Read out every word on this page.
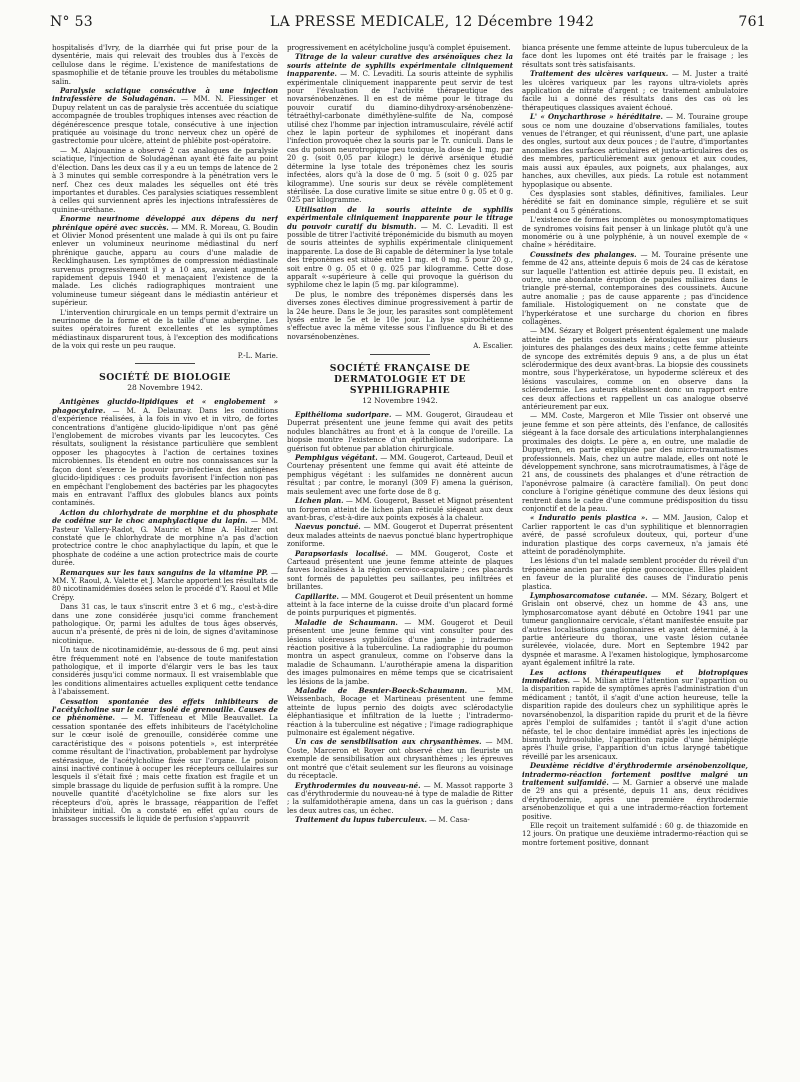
N° 53	LA PRESSE MEDICALE, 12 Décembre 1942	761

hospitalisés d'Ivry, de la diarrhée qui fut prise pour de la dysentérie, mais qui relevait des troubles dus à l'excès de cellulose dans le régime. L'existence de manifestations de spasmophilie et de tétanie prouve les troubles du métabolisme salin.

Paralysie sciatique consécutive à une injection intrafessière de Soludagénan. — MM. N. Fiessinger et Dupuy relatent un cas de paralysie très accentuée du sciatique accompagnée de troubles trophiques intenses avec réaction de dégénérescence presque totale, consécutive à une injection pratiquée au voisinage du tronc nerveux chez un opéré de gastrectomie pour ulcère, atteint de phlébite post-opératoire.

— M. Alajouanine a observé 2 cas analogues de paralysie sciatique, l'injection de Soludagénan ayant été faite au point d'élection. Dans les deux cas il y a eu un temps de latence de 2 à 3 minutes qui semble correspondre à la pénétration vers le nerf. Chez ces deux malades les séquelles ont été très importantes et durables. Ces paralysies sciatiques ressemblent à celles qui surviennent après les injections intrafessières de quinine-uréthane.

Enorme neurinome développé aux dépens du nerf phrénique opéré avec succès. — MM. R. Moreau, G. Boudin et Olivier Monod présentent une malade à qui ils ont pu faire enlever un volumineux neurinome médiastinal du nerf phrénique gauche, apparu au cours d'une maladie de Recklinghausen. Les symptômes de compression médiastinale survenus progressivement il y a 10 ans, avaient augmenté rapidement depuis 1940 et menaçaient l'existence de la malade. Les clichés radiographiques montraient une volumineuse tumeur siégeant dans le médiastin antérieur et supérieur.

L'intervention chirurgicale en un temps permit d'extraire un neurinome de la forme et de la taille d'une aubergine. Les suites opératoires furent excellentes et les symptômes médiastinaux disparurent tous, à l'exception des modifications de la voix qui reste un peu rauque.

P.-L. Marie.
SOCIÉTÉ DE BIOLOGIE
28 Novembre 1942.

Antigènes glucido-lipidiques et « englobement » phagocytaire. — M. A. Delaunay. Dans les conditions d'expérience réalisées, à la fois in vivo et in vitro, de fortes concentrations d'antigène glucido-lipidique n'ont pas gêné l'englobement de microbes vivants par les leucocytes. Ces résultats, soulignent la résistance particulière que semblent opposer les phagocytes à l'action de certaines toxines microbiennes. Ils étendent en outre nos connaissances sur la façon dont s'exerce le pouvoir pro-infectieux des antigènes glucido-lipidiques : ces produits favorisent l'infection non pas en empêchant l'englobement des bactéries par les phagocytes mais en entravant l'afflux des globules blancs aux points contaminés.

Action du chlorhydrate de morphine et du phosphate de codéine sur le choc anaphylactique du lapin. — MM. Pasteur Vallery-Radot, G. Mauric et Mme A. Holtzer ont constaté que le chlorhydrate de morphine n'a pas d'action protectrice contre le choc anaphylactique du lapin, et que le phosphate de codéine a une action protectrice mais de courte durée.

Remarques sur les taux sanguins de la vitamine PP. — MM. Y. Raoul, A. Valette et J. Marche apportent les résultats de 80 nicotinamidémies dosées selon le procédé d'Y. Raoul et Mlle Crépy.

Dans 31 cas, le taux s'inscrit entre 3 et 6 mg., c'est-à-dire dans une zone considérée jusqu'ici comme franchement pathologique. Or, parmi les adultes de tous âges observés, aucun n'a présenté, de près ni de loin, de signes d'avitaminose nicotinique.

Un taux de nicotinamidémie, au-dessous de 6 mg. peut ainsi être fréquemment noté en l'absence de toute manifestation pathologique, et il importe d'élargir vers le bas les taux considérés jusqu'ici comme normaux. Il est vraisemblable que les conditions alimentaires actuelles expliquent cette tendance à l'abaissement.

Cessation spontanée des effets inhibiteurs de l'acétylcholine sur le cœur isolé de grenouille. Causes de ce phénomène. — M. Tiffeneau et Mlle Beauvallet. La cessation spontanée des effets inhibiteurs de l'acétylcholine sur le cœur isolé de grenouille, considérée comme une caractéristique des « poisons potentiels », est interprétée comme résultant de l'inactivation, probablement par hydrolyse estérasique, de l'acétylcholine fixée sur l'organe. Le poison ainsi inactivé continue à occuper les récepteurs cellulaires sur lesquels il s'était fixé ; mais cette fixation est fragile et un simple brassage du liquide de perfusion suffit à la rompre. Une nouvelle quantité d'acétylcholine se fixe alors sur les récepteurs d'où, après le brassage, réapparition de l'effet inhibiteur initial. On a constaté en effet qu'au cours de brassages successifs le liquide de perfusion s'appauvrit

progressivement en acétylcholine jusqu'à complet épuisement.

Titrage de la valeur curative des arsénoïques chez la souris atteinte de syphilis expérimentale cliniquement inapparente. — M. C. Levaditi. La souris atteinte de syphilis expérimentale cliniquement inapparente peut servir de test pour l'évaluation de l'activité thérapeutique des novarsénobenzènes. Il en est de même pour le titrage du pouvoir curatif du diamino-dihydroxy-arsénobenzène-tétraéthyl-carbonate diméthylène-sulfite de Na, composé utilisé chez l'homme par injection intramusculaire, révélé actif chez le lapin porteur de syphilomes et inopérant dans l'infection provoquée chez la souris par le Tr. cuniculi. Dans le cas du poison neurotropique peu toxique, la dose de 1 mg. par 20 g. (soit 0,05 par kilogr.) le dérivé arsénique étudié détermine la lyse totale des tréponèmes chez les souris infectées, alors qu'à la dose de 0 mg. 5 (soit 0 g. 025 par kilogramme). Une souris sur deux se révèle complètement stérilisée. La dose curative limite se situe entre 0 g. 05 et 0 g. 025 par kilogramme.

Utilisation de la souris atteinte de syphilis expérimentale cliniquement inapparente pour le titrage du pouvoir curatif du bismuth. — M. C. Levaditi. Il est possible de titrer l'activité tréponémicide du bismuth au moyen de souris atteintes de syphilis expérimentale cliniquement inapparente. La dose de Bi capable de déterminer la lyse totale des tréponèmes est située entre 1 mg. et 0 mg. 5 pour 20 g., soit entre 0 g. 05 et 0 g. 025 par kilogramme. Cette dose apparaît «-supérieure à celle qui provoque la guérison du syphilome chez le lapin (5 mg. par kilogramme).

De plus, le nombre des tréponèmes dispersés dans les diverses zones électives diminue progressivement à partir de la 24e heure. Dans le 3e jour, les parasites sont complètement lysés entre le 5e et le 10e jour. La lyse spirochétienne s'effectue avec la même vitesse sous l'influence du Bi et des novarsénobenzènes.

A. Escalier.
SOCIÉTÉ FRANÇAISE DE DERMATOLOGIE ET DE SYPHILIGRAPHIE
12 Novembre 1942.

Epithélioma sudoripare. — MM. Gougerot, Giraudeau et Duperrat présentent une jeune femme qui avait des petits nodules blanchâtres au front et à la conque de l'oreille. La biopsie montre l'existence d'un épithélioma sudoripare. La guérison fut obtenue par ablation chirurgicale.

Pemphigus végétant. — MM. Gougerot, Carteaud, Deuil et Courtenay présentent une femme qui avait été atteinte de pemphigus végétant : les sulfamides ne donnèrent aucun résultat ; par contre, le moranyl (309 F) amena la guérison, mais seulement avec une forte dose de 8 g.

Lichen plan. — MM. Gougerot, Basset et Mignot présentent un forgeron atteint de lichen plan réticulé siégeant aux deux avant-bras, c'est-à-dire aux points exposés à la chaleur.

Naevus ponctué. — MM. Gougerot et Duperrat présentent deux malades atteints de naevus ponctué blanc hypertrophique zoniforme.

Parapsoriasis localisé. — MM. Gougerot, Coste et Carteaud présentent une jeune femme atteinte de plaques fauves localisées à la région cervico-scapulaire ; ces placards sont formés de papulettes peu saillantes, peu infiltrées et brillantes.

Capillarite. — MM. Gougerot et Deuil présentent un homme atteint à la face interne de la cuisse droite d'un placard formé de points purpuriques et pigmentés.

Maladie de Schaumann. — MM. Gougerot et Deuil présentent une jeune femme qui vint consulter pour des lésions ulcéreuses syphiloïdes d'une jambe ; intradermo-réaction positive à la tuberculine. La radiographie du poumon montra un aspect granuleux, comme on l'observe dans la maladie de Schaumann. L'aurothérapie amena la disparition des images pulmonaires en même temps que se cicatrisaient les lésions de la jambe.

Maladie de Besnier-Boeck-Schaumann. — MM. Weissenbach, Bocage et Martineau présentent une femme atteinte de lupus pernio des doigts avec sclérodactylie éléphantiasique et infiltration de la luette ; l'intradermo-réaction à la tuberculine est négative ; l'image radiographique pulmonaire est également négative.

Un cas de sensibilisation aux chrysanthèmes. — MM. Coste, Marceron et Royer ont observé chez un fleuriste un exemple de sensibilisation aux chrysanthèmes ; les épreuves ont montré que c'était seulement sur les fleurons au voisinage du réceptacle.

Erythrodermies du nouveau-né. — M. Massot rapporte 3 cas d'érythrodermie du nouveau-né à type de maladie de Ritter ; la sulfamidothérapie amena, dans un cas la guérison ; dans les deux autres cas, un échec.

Traitement du lupus tuberculeux. — M. Casa-

bianca présente une femme atteinte de lupus tuberculeux de la face dont les lupomes ont été traités par le fraisage ; les résultats sont très satisfaisants.

Traitement des ulcères variqueux. — M. Juster a traité les ulcères variqueux par les rayons ultra-violets après application de nitrate d'argent ; ce traitement ambulatoire facile lui a donné des résultats dans des cas où les thérapeutiques classiques avaient échoué.

L' « Onycharthrose » héréditaire. — M. Touraine groupe sous ce nom une douzaine d'observations familiales, toutes venues de l'étranger, et qui réunissent, d'une part, une aplasie des ongles, surtout aux deux pouces ; de l'autre, d'importantes anomalies des surfaces articulaires et juxta-articulaires des os des membres, particulièrement aux genoux et aux coudes, mais aussi aux épaules, aux poignets, aux phalanges, aux hanches, aux chevilles, aux pieds. La rotule est notamment hypoplasique ou absente.

Ces dysplasies sont stables, définitives, familiales. Leur hérédité se fait en dominance simple, régulière et se suit pendant 4 ou 5 générations.

L'existence de formes incomplètes ou monosymptomatiques de syndromes voisins fait penser à un linkage plutôt qu'à une monomérie ou à une polyphénie, à un nouvel exemple de « chaîne » héréditaire.

Coussinets des phalanges. — M. Touraine présente une femme de 42 ans, atteinte depuis 6 mois de 24 cas de kératose sur laquelle l'attention est attirée depuis peu. Il existait, en outre, une abondante éruption de papules miliaires dans le triangle pré-sternal, contemporaines des coussinets. Aucune autre anomalie ; pas de cause apparente ; pas d'incidence familiale. Histologiquement on ne constate que de l'hyperkératose et une surcharge du chorion en fibres collagènes.

— MM. Sézary et Bolgert présentent également une malade atteinte de petits coussinets kératosiques sur plusieurs jointures des phalanges des deux mains ; cette femme atteinte de syncope des extrémités depuis 9 ans, a de plus un état sclérodermique des deux avant-bras. La biopsie des coussinets montre, sous l'hyperkératose, un hypoderme scléreux et des lésions vasculaires, comme on en observe dans la sclérodermie. Les auteurs établissent donc un rapport entre ces deux affections et rappellent un cas analogue observé antérieurement par eux.

— MM. Coste, Margeron et Mlle Tissier ont observé une jeune femme et son père atteints, dès l'enfance, de callosités siégeant à la face dorsale des articulations interphalangiennes proximales des doigts. Le père a, en outre, une maladie de Dupuytren, en partie expliquée par des micro-traumatismes professionnels. Mais, chez un autre malade, elles ont noté le développement synchrone, sans microtraumatismes, à l'âge de 21 ans, de coussinets des phalanges et d'une rétraction de l'aponévrose palmaire (à caractère familial). On peut donc conclure à l'origine génétique commune des deux lésions qui rentrent dans le cadre d'une commune prédisposition du tissu conjonctif et de la peau.

« Induratio penis plastica ». — MM. Jausion, Calop et Carlier rapportent le cas d'un syphilitique et blennorragien avéré, de passé scrofuleux douteux, qui, porteur d'une induration plastique des corps caverneux, n'a jamais été atteint de poradénolymphite.

Les lésions d'un tel malade semblent procéder du réveil d'un tréponème ancien par une épine gonococcique. Elles plaident en faveur de la pluralité des causes de l'induratio penis plastica.

Lymphosarcomatose cutanée. — MM. Sézary, Bolgert et Grislain ont observé, chez un homme de 43 ans, une lymphosarcomatose ayant débuté en Octobre 1941 par une tumeur ganglionnaire cervicale, s'étant manifestée ensuite par d'autres localisations ganglionnaires et ayant déterminé, à la partie antérieure du thorax, une vaste lésion cutanée surélevée, violacée, dure. Mort en Septembre 1942 par dyspnée et marasme. A l'examen histologique, lymphosarcome ayant également infiltré la rate.

Les actions thérapeutiques et biotropiques immédiates. — M. Milian attire l'attention sur l'apparition ou la disparition rapide de symptômes après l'administration d'un médicament ; tantôt, il s'agit d'une action heureuse, telle la disparition rapide des douleurs chez un syphilitique après le novarsénobenzol, la disparition rapide du prurit et de la fièvre après l'emploi de sulfamides ; tantôt il s'agit d'une action néfaste, tel le choc dentaire immédiat après les injections de bismuth hydrosoluble, l'apparition rapide d'une hémiplégie après l'huile grise, l'apparition d'un ictus laryngé tabétique réveillé par les arsenicaux.

Deuxième récidive d'érythrodermie arsénobenzolique, intradermo-réaction fortement positive malgré un traitement sulfamidé. — M. Garnier a observé une malade de 29 ans qui a présenté, depuis 11 ans, deux récidives d'érythrodermie, après une première érythrodermie arsénobenzolique et qui a une intradermo-réaction fortement positive.

Elle reçoit un traitement sulfamidé : 60 g. de thiazomide en 12 jours. On pratique une deuxième intradermo-réaction qui se montre fortement positive, donnant
